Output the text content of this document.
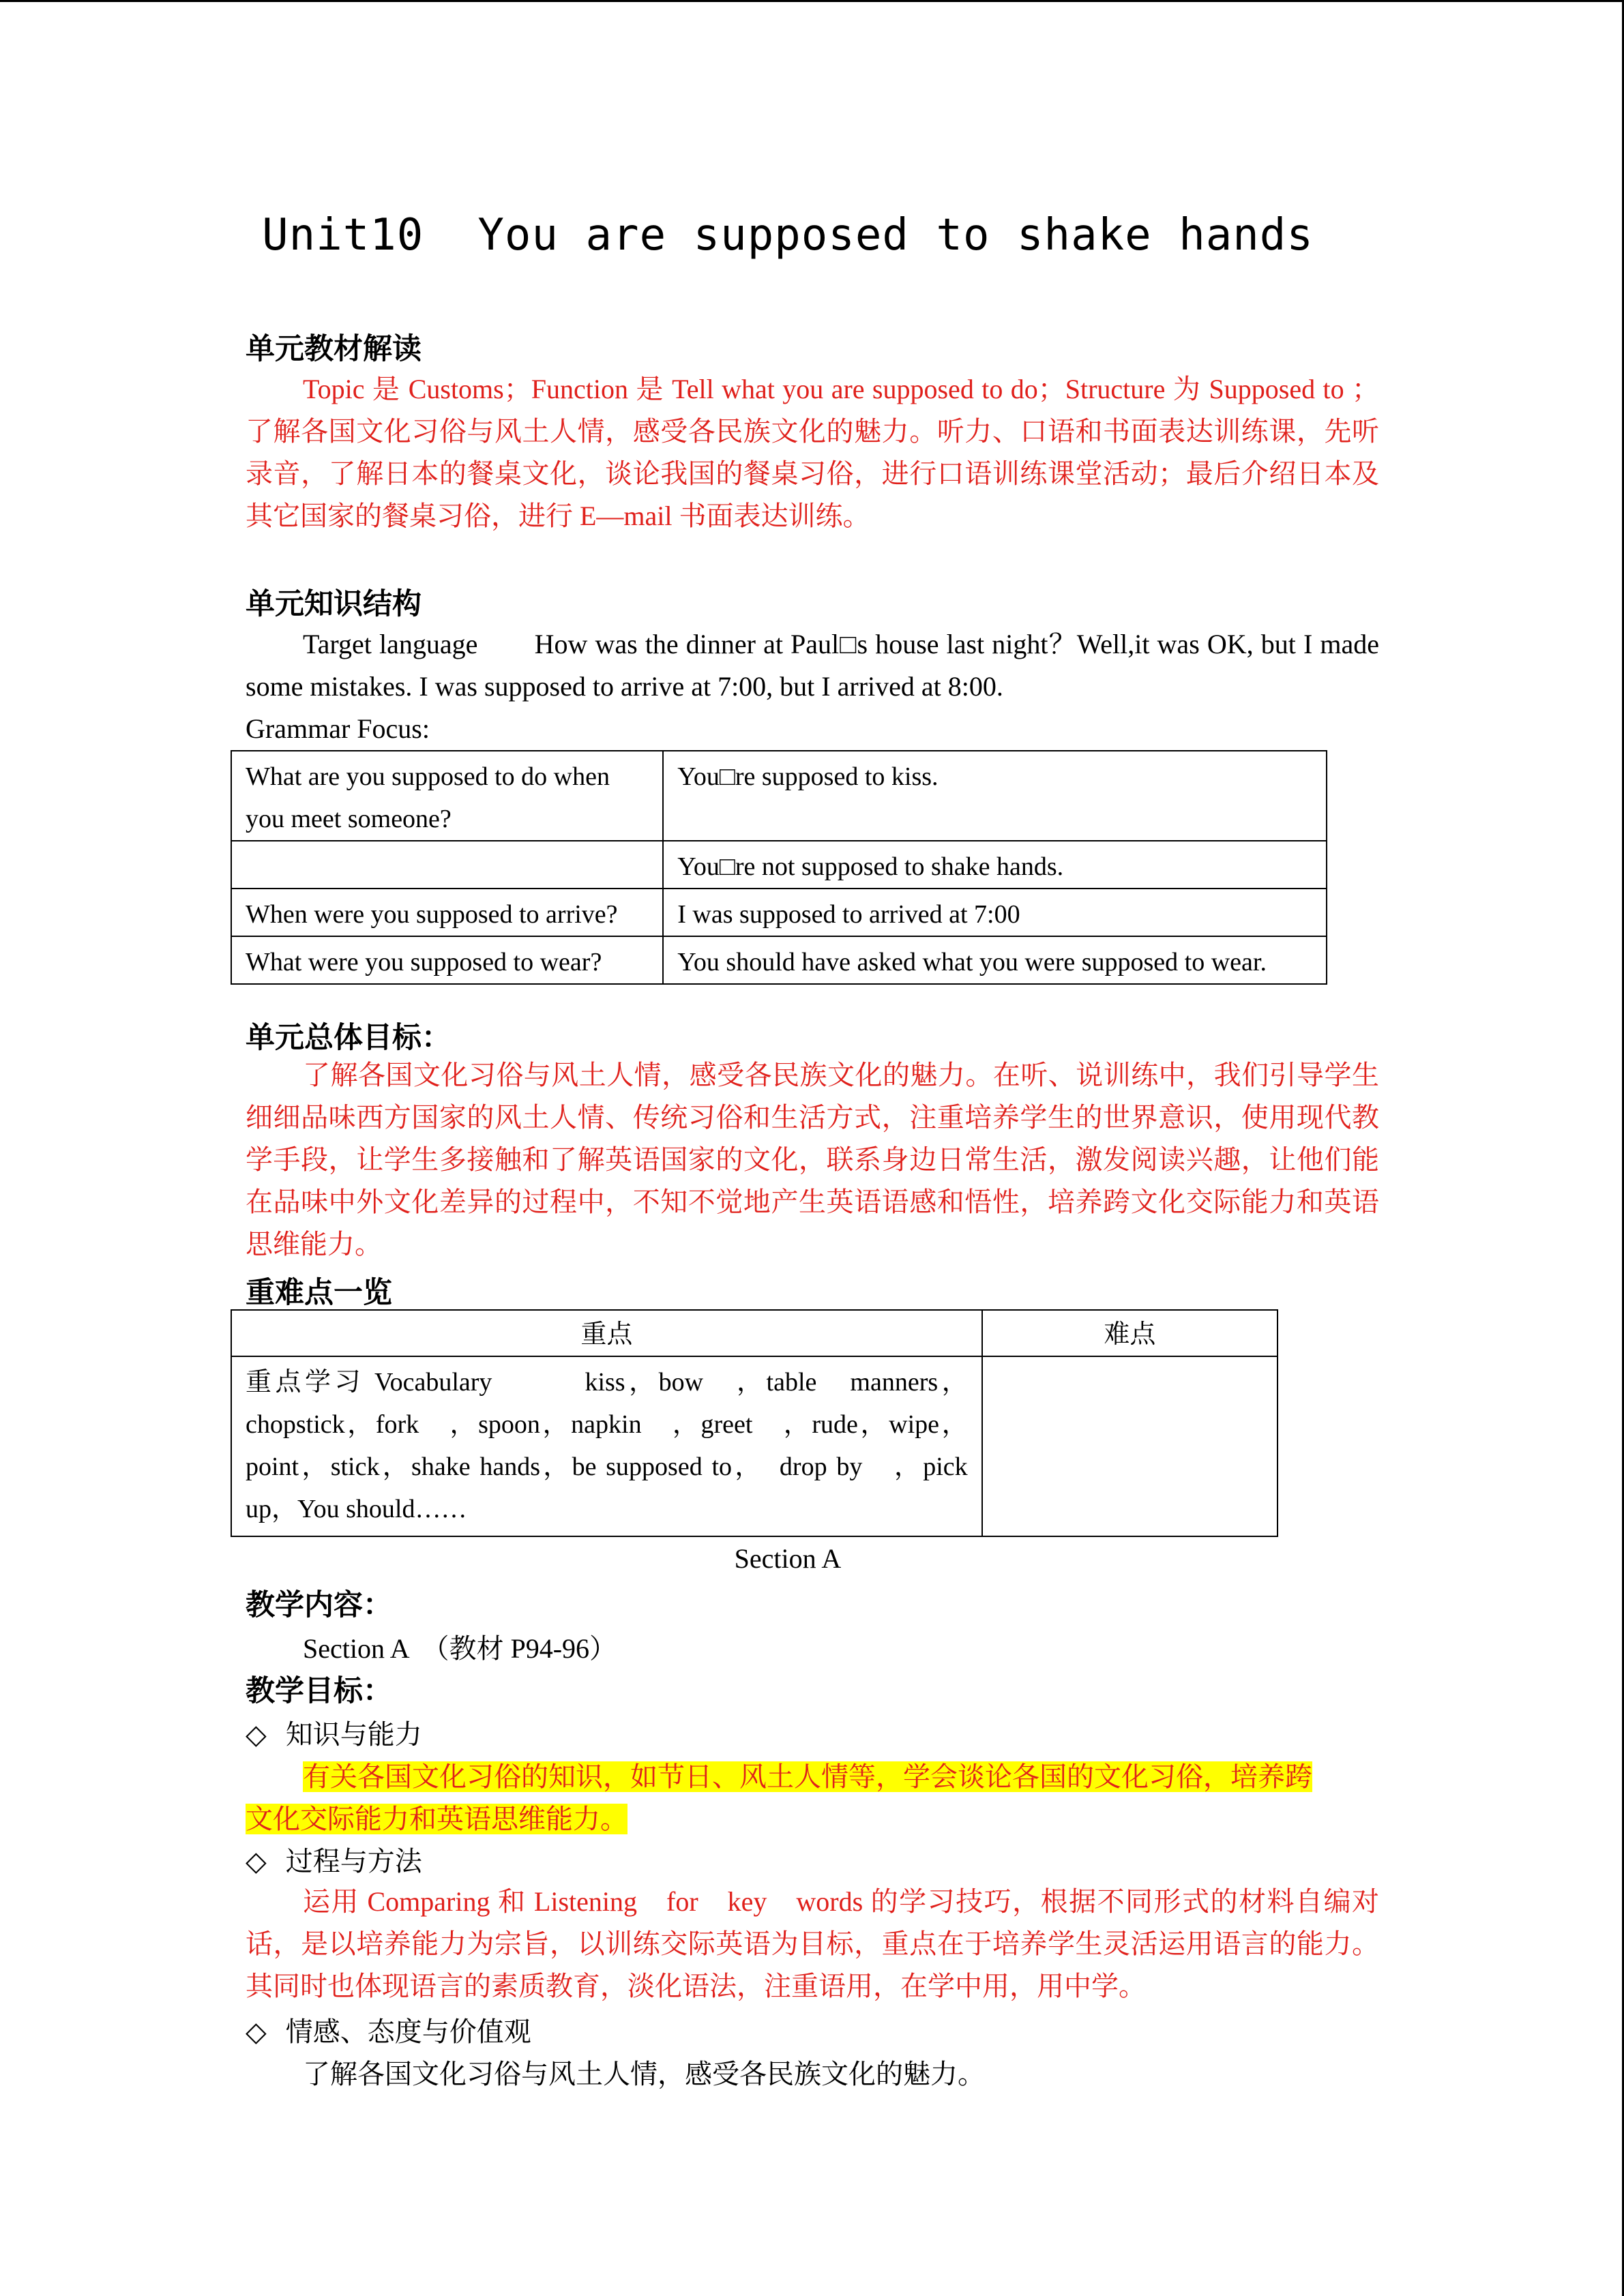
Unit10  You are supposed to shake hands
单元教材解读
Topic 是 Customs；Function 是 Tell what you are supposed to do；Structure 为 Supposed to ；了解各国文化习俗与风土人情，感受各民族文化的魅力。听力、口语和书面表达训练课，先听录音，了解日本的餐桌文化，谈论我国的餐桌习俗，进行口语训练课堂活动；最后介绍日本及其它国家的餐桌习俗，进行 E—mail 书面表达训练。
单元知识结构
Target language　　How was the dinner at Paul□s house last night？Well,it was OK, but I made some mistakes. I was supposed to arrive at 7:00, but I arrived at 8:00.
Grammar Focus:
What are you supposed to do when you meet someone?	You□re supposed to kiss.
	You□re not supposed to shake hands.
When were you supposed to arrive?	I was supposed to arrived at 7:00
What were you supposed to wear?	You should have asked what you were supposed to wear.
单元总体目标：
了解各国文化习俗与风土人情，感受各民族文化的魅力。在听、说训练中，我们引导学生细细品味西方国家的风土人情、传统习俗和生活方式，注重培养学生的世界意识，使用现代教学手段，让学生多接触和了解英语国家的文化，联系身边日常生活，激发阅读兴趣，让他们能在品味中外文化差异的过程中，不知不觉地产生英语语感和悟性，培养跨文化交际能力和英语思维能力。
重难点一览
重点	难点
重点学习 Vocabulary　　　kiss，bow　，table　manners，chopstick，fork　，spoon，napkin　，greet　，rude，wipe，point，stick，shake hands，be supposed to，　drop by　，pick up，You should……	
Section A
教学内容：
Section A　（教材 P94-96）
教学目标：
◇ 知识与能力
有关各国文化习俗的知识，如节日、风土人情等，学会谈论各国的文化习俗，培养跨
文化交际能力和英语思维能力。
◇ 过程与方法
运用 Comparing 和 Listening　for　key　words 的学习技巧，根据不同形式的材料自编对话，是以培养能力为宗旨，以训练交际英语为目标，重点在于培养学生灵活运用语言的能力。其同时也体现语言的素质教育，淡化语法，注重语用，在学中用，用中学。
◇ 情感、态度与价值观
了解各国文化习俗与风土人情，感受各民族文化的魅力。
